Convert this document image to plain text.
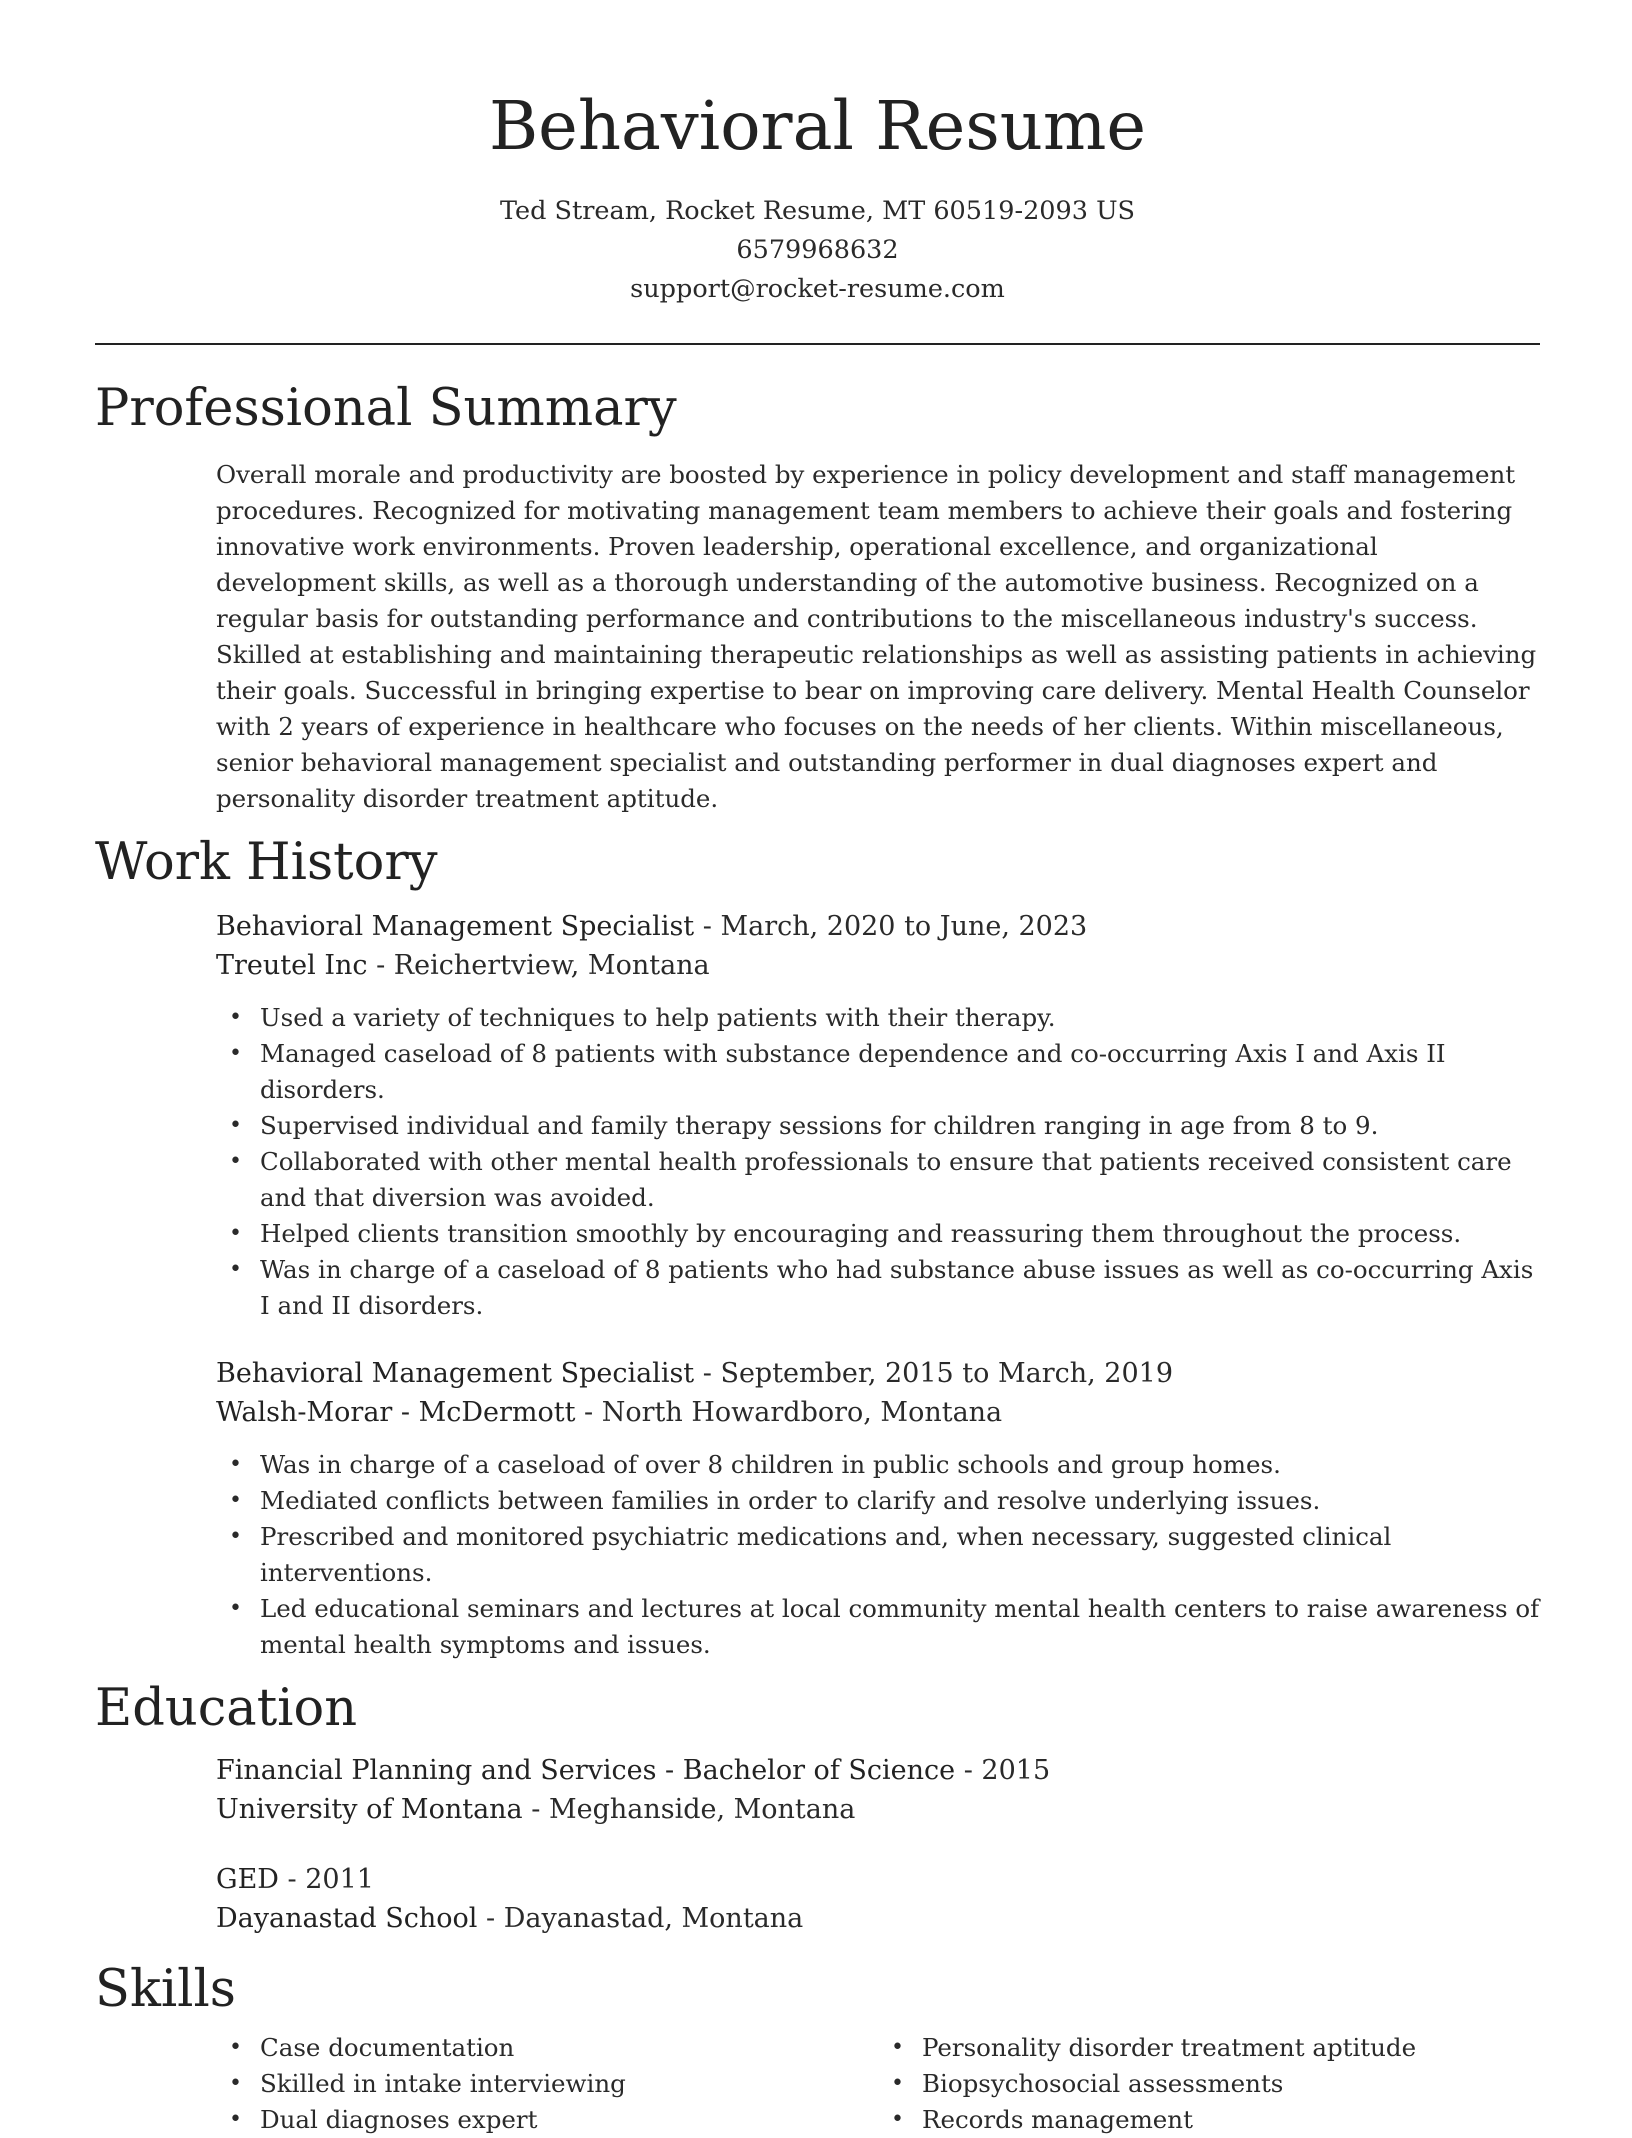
Behavioral Resume
Ted Stream, Rocket Resume, MT 60519-2093 US
6579968632
support@rocket-resume.com
Professional Summary

Overall morale and productivity are boosted by experience in policy development and staff management procedures. Recognized for motivating management team members to achieve their goals and fostering innovative work environments. Proven leadership, operational excellence, and organizational development skills, as well as a thorough understanding of the automotive business. Recognized on a regular basis for outstanding performance and contributions to the miscellaneous industry's success. Skilled at establishing and maintaining therapeutic relationships as well as assisting patients in achieving their goals. Successful in bringing expertise to bear on improving care delivery. Mental Health Counselor with 2 years of experience in healthcare who focuses on the needs of her clients. Within miscellaneous, senior behavioral management specialist and outstanding performer in dual diagnoses expert and personality disorder treatment aptitude.

Work History
Behavioral Management Specialist - March, 2020 to June, 2023
Treutel Inc - Reichertview, Montana
• Used a variety of techniques to help patients with their therapy.
• Managed caseload of 8 patients with substance dependence and co-occurring Axis I and Axis II disorders.
• Supervised individual and family therapy sessions for children ranging in age from 8 to 9.
• Collaborated with other mental health professionals to ensure that patients received consistent care and that diversion was avoided.
• Helped clients transition smoothly by encouraging and reassuring them throughout the process.
• Was in charge of a caseload of 8 patients who had substance abuse issues as well as co-occurring Axis I and II disorders.
Behavioral Management Specialist - September, 2015 to March, 2019
Walsh-Morar - McDermott - North Howardboro, Montana
• Was in charge of a caseload of over 8 children in public schools and group homes.
• Mediated conflicts between families in order to clarify and resolve underlying issues.
• Prescribed and monitored psychiatric medications and, when necessary, suggested clinical interventions.
• Led educational seminars and lectures at local community mental health centers to raise awareness of mental health symptoms and issues.
Education
Financial Planning and Services - Bachelor of Science - 2015
University of Montana - Meghanside, Montana
GED - 2011
Dayanastad School - Dayanastad, Montana
Skills
• Case documentation
• Skilled in intake interviewing
• Dual diagnoses expert
• Personality disorder treatment aptitude
• Biopsychosocial assessments
• Records management
